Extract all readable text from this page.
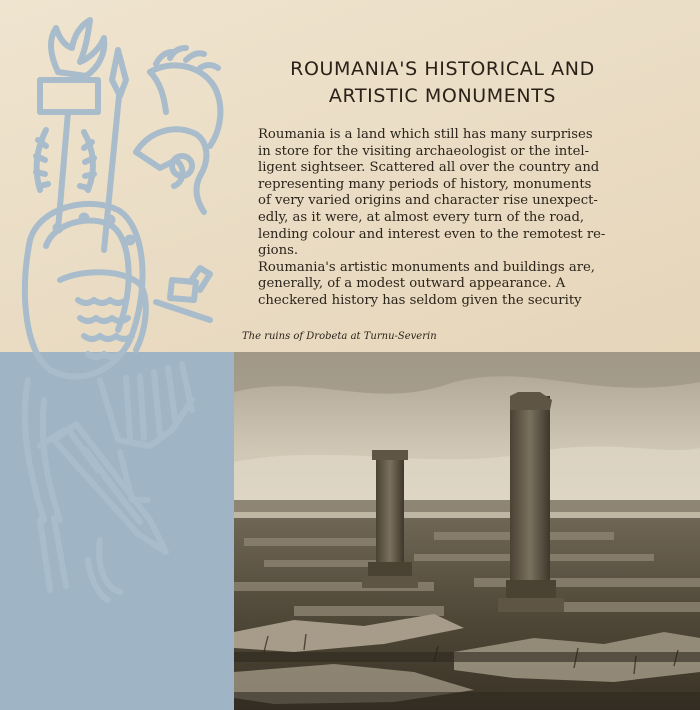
ROUMANIA'S HISTORICAL AND
ARTISTIC MONUMENTS

Roumania is a land which still has many surprises
in store for the visiting archaeologist or the intel-
ligent sightseer. Scattered all over the country and
representing many periods of history, monuments
of very varied origins and character rise unexpect-
edly, as it were, at almost every turn of the road,
lending colour and interest even to the remotest re-
gions.

Roumania's artistic monuments and buildings are,
generally, of a modest outward appearance. A
checkered history has seldom given the security

The ruins of Drobeta at Turnu-Severin
